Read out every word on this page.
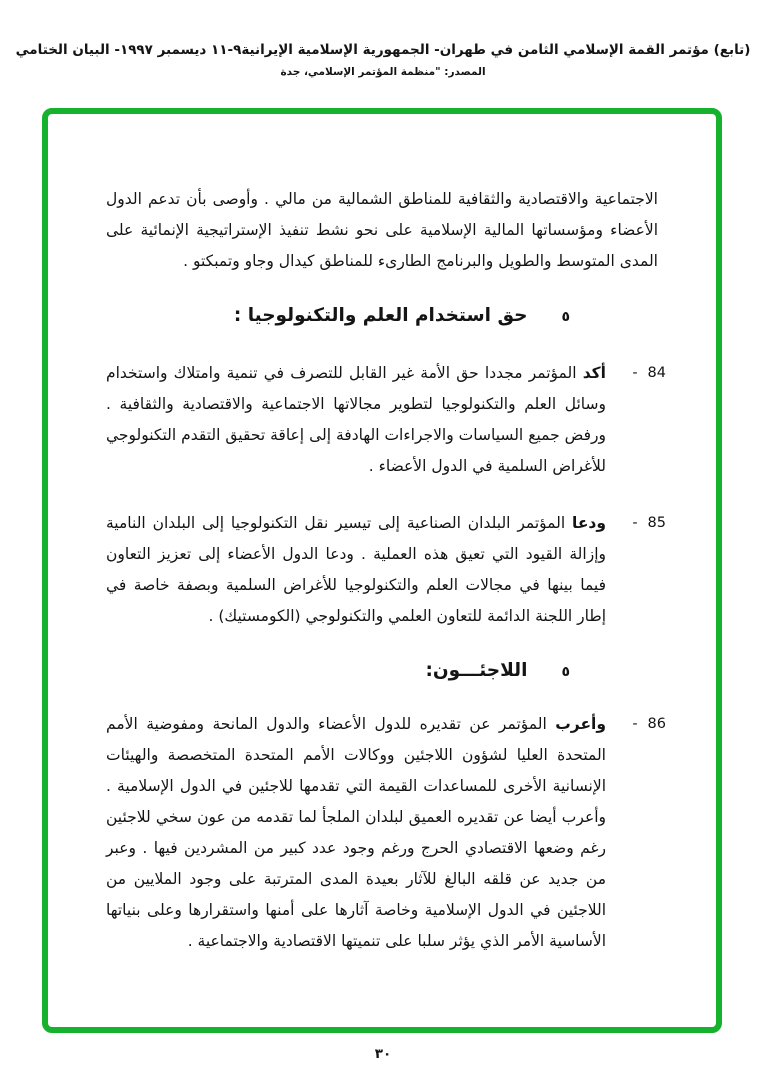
(تابع) مؤتمر القمة الإسلامي الثامن في طهران- الجمهورية الإسلامية الإيرانية٩-١١ ديسمبر ١٩٩٧- البيان الختامي
المصدر: "منظمة المؤتمر الإسلامي، جدة

الاجتماعية والاقتصادية والثقافية للمناطق الشمالية من مالي . وأوصى بأن تدعم الدول الأعضاء ومؤسساتها المالية الإسلامية على نحو نشط تنفيذ الإستراتيجية الإنمائية على المدى المتوسط والطويل والبرنامج الطارىء للمناطق كيدال وجاو وتمبكتو .

٥
حق استخدام العلم والتكنولوجيا :
84
-

أكد المؤتمر مجددا حق الأمة غير القابل للتصرف في تنمية وامتلاك واستخدام وسائل العلم والتكنولوجيا لتطوير مجالاتها الاجتماعية والاقتصادية والثقافية . ورفض جميع السياسات والاجراءات الهادفة إلى إعاقة تحقيق التقدم التكنولوجي للأغراض السلمية في الدول الأعضاء .

85
-

ودعا المؤتمر البلدان الصناعية إلى تيسير نقل التكنولوجيا إلى البلدان النامية وإزالة القيود التي تعيق هذه العملية . ودعا الدول الأعضاء إلى تعزيز التعاون فيما بينها في مجالات العلم والتكنولوجيا للأغراض السلمية وبصفة خاصة في إطار اللجنة الدائمة للتعاون العلمي والتكنولوجي (الكومستيك) .

٥
اللاجئـــون:
86
-

وأعرب المؤتمر عن تقديره للدول الأعضاء والدول المانحة ومفوضية الأمم المتحدة العليا لشؤون اللاجئين ووكالات الأمم المتحدة المتخصصة والهيئات الإنسانية الأخرى للمساعدات القيمة التي تقدمها للاجئين في الدول الإسلامية . وأعرب أيضا عن تقديره العميق لبلدان الملجأ لما تقدمه من عون سخي للاجئين رغم وضعها الاقتصادي الحرج ورغم وجود عدد كبير من المشردين فيها . وعبر من جديد عن قلقه البالغ للآثار بعيدة المدى المترتبة على وجود الملايين من اللاجئين في الدول الإسلامية وخاصة آثارها على أمنها واستقرارها وعلى بنياتها الأساسية الأمر الذي يؤثر سلبا على تنميتها الاقتصادية والاجتماعية .

٣٠
